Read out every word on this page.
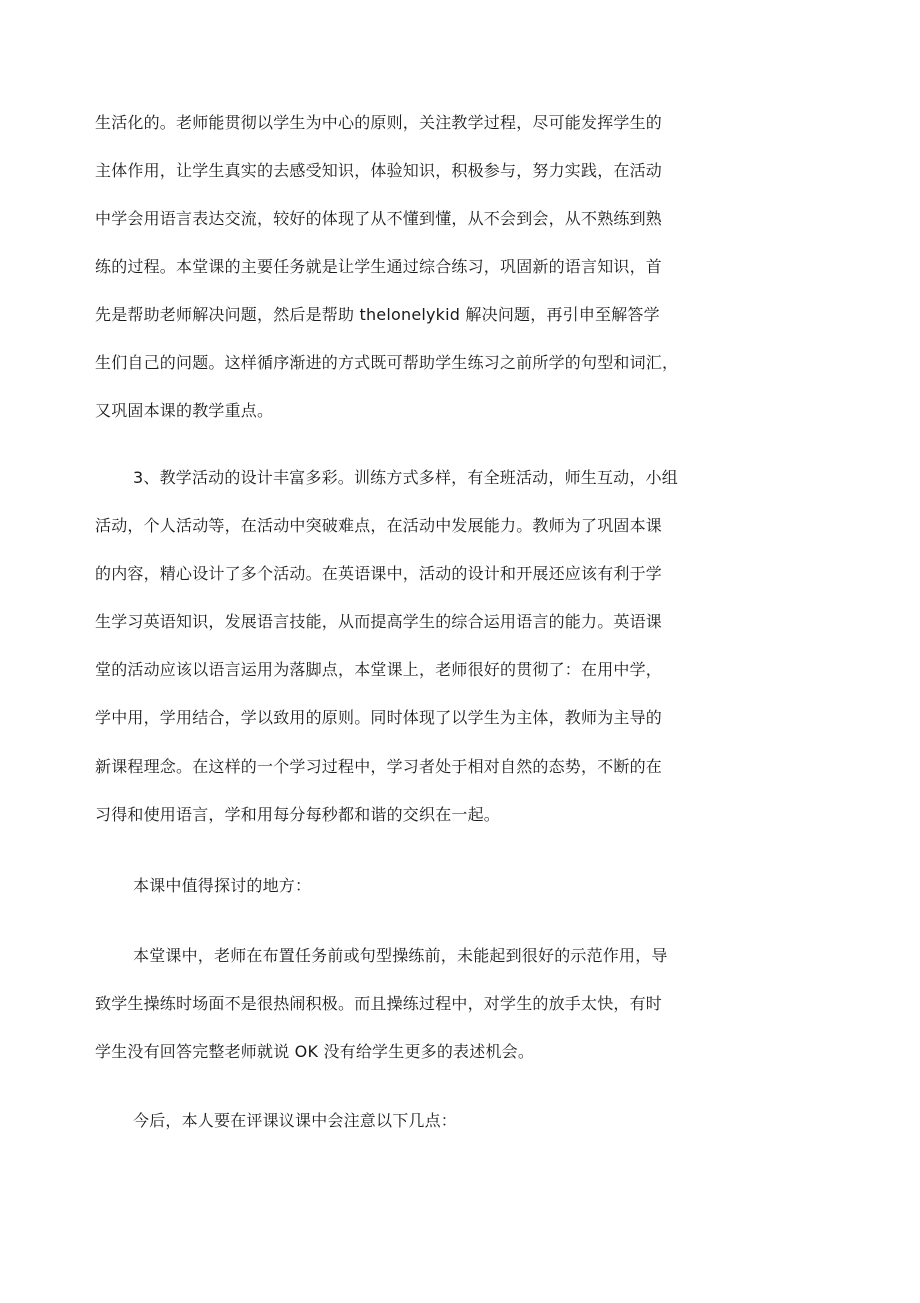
生活化的。老师能贯彻以学生为中心的原则，关注教学过程，尽可能发挥学生的
主体作用，让学生真实的去感受知识，体验知识，积极参与，努力实践，在活动
中学会用语言表达交流，较好的体现了从不懂到懂，从不会到会，从不熟练到熟
练的过程。本堂课的主要任务就是让学生通过综合练习，巩固新的语言知识，首
先是帮助老师解决问题，然后是帮助 thelonelykid 解决问题，再引申至解答学
生们自己的问题。这样循序渐进的方式既可帮助学生练习之前所学的句型和词汇，
又巩固本课的教学重点。
3、教学活动的设计丰富多彩。训练方式多样，有全班活动，师生互动，小组
活动，个人活动等，在活动中突破难点，在活动中发展能力。教师为了巩固本课
的内容，精心设计了多个活动。在英语课中，活动的设计和开展还应该有利于学
生学习英语知识，发展语言技能，从而提高学生的综合运用语言的能力。英语课
堂的活动应该以语言运用为落脚点，本堂课上，老师很好的贯彻了：在用中学，
学中用，学用结合，学以致用的原则。同时体现了以学生为主体，教师为主导的
新课程理念。在这样的一个学习过程中，学习者处于相对自然的态势，不断的在
习得和使用语言，学和用每分每秒都和谐的交织在一起。
本课中值得探讨的地方：
本堂课中，老师在布置任务前或句型操练前，未能起到很好的示范作用，导
致学生操练时场面不是很热闹积极。而且操练过程中，对学生的放手太快，有时
学生没有回答完整老师就说 OK 没有给学生更多的表述机会。
今后，本人要在评课议课中会注意以下几点：
